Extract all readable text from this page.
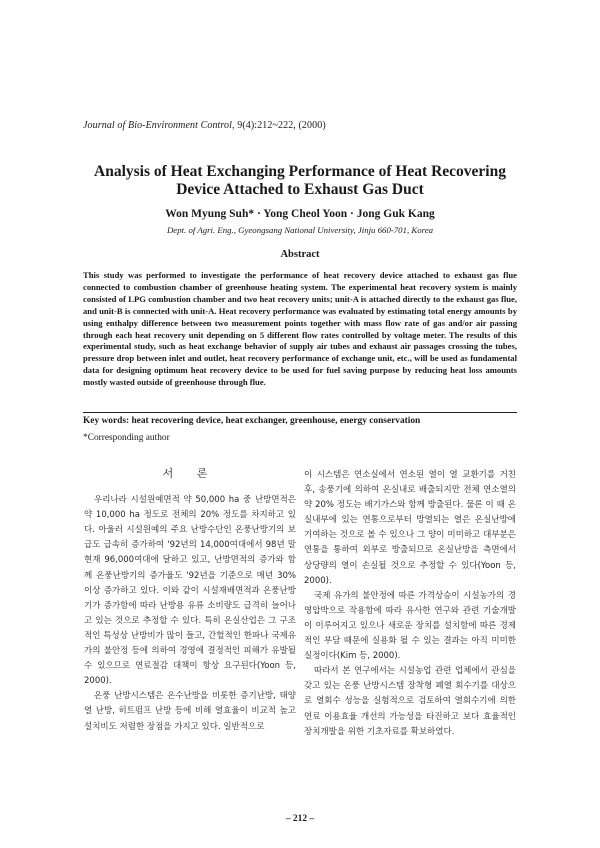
Journal of Bio-Environment Control, 9(4):212~222, (2000)
Analysis of Heat Exchanging Performance of Heat Recovering Device Attached to Exhaust Gas Duct
Won Myung Suh* · Yong Cheol Yoon · Jong Guk Kang
Dept. of Agri. Eng., Gyeongsang National University, Jinju 660-701, Korea
Abstract

This study was performed to investigate the performance of heat recovery device attached to exhaust gas flue connected to combustion chamber of greenhouse heating system. The experimental heat recovery system is mainly consisted of LPG combustion chamber and two heat recovery units; unit-A is attached directly to the exhaust gas flue, and unit-B is connected with unit-A. Heat recovery performance was evaluated by estimating total energy amounts by using enthalpy difference between two measurement points together with mass flow rate of gas and/or air passing through each heat recovery unit depending on 5 different flow rates controlled by voltage meter. The results of this experimental study, such as heat exchange behavior of supply air tubes and exhaust air passages crossing the tubes, pressure drop between inlet and outlet, heat recovery performance of exchange unit, etc., will be used as fundamental data for designing optimum heat recovery device to be used for fuel saving purpose by reducing heat loss amounts mostly wasted outside of greenhouse through flue.

Key words: heat recovering device, heat exchanger, greenhouse, energy conservation
*Corresponding author
서 론

우리나라 시설원예면적 약 50,000 ha 중 난방면적은 약 10,000 ha 정도로 전체의 20% 정도를 차지하고 있다. 아울러 시설원예의 주요 난방수단인 온풍난방기의 보급도 급속히 증가하여 '92년의 14,000여대에서 98년 말 현재 96,000여대에 달하고 있고, 난방면적의 증가와 함께 온풍난방기의 증가율도 '92년을 기준으로 매년 30%이상 증가하고 있다. 이와 같이 시설재배면적과 온풍난방기가 증가함에 따라 난방용 유류 소비량도 급격히 늘어나고 있는 것으로 추정할 수 있다. 특히 온실산업은 그 구조적인 특성상 난방비가 많이 들고, 간헐적인 한파나 국제유가의 불안정 등에 의하여 경영에 결정적인 피해가 유발될 수 있으므로 연료절감 대책이 항상 요구된다(Yoon 등, 2000).

온풍 난방시스템은 온수난방을 비롯한 증기난방, 태양열 난방, 히트펌프 난방 등에 비해 열효율이 비교적 높고 설치비도 저렴한 장점을 가지고 있다. 일반적으로

이 시스템은 연소실에서 연소된 열이 열 교환기를 거친 후, 송풍기에 의하여 온실내로 배출되지만 전체 연소열의 약 20% 정도는 배기가스와 함께 방출된다. 물론 이 때 온실내부에 있는 연통으로부터 방열되는 열은 온실난방에 기여하는 것으로 볼 수 있으나 그 양이 미미하고 대부분은 연통을 통하여 외부로 방출되므로 온실난방을 측면에서 상당량의 열이 손실될 것으로 추정할 수 있다(Yoon 등, 2000).

국제 유가의 불안정에 따른 가격상승이 시설농가의 경영압박으로 작용함에 따라 유사한 연구와 관련 기술개발이 이루어지고 있으나 새로운 장치를 설치함에 따른 경제적인 부담 때문에 실용화 될 수 있는 결과는 아직 미미한 실정이다(Kim 등, 2000).

따라서 본 연구에서는 시설농업 관련 업체에서 관심을 갖고 있는 온풍 난방시스템 장착형 폐열 회수기를 대상으로 열회수 성능을 실험적으로 검토하여 열회수기에 의한 연료 이용효율 개선의 가능성을 타진하고 보다 효율적인 장치개발을 위한 기초자료를 확보하였다.

– 212 –
